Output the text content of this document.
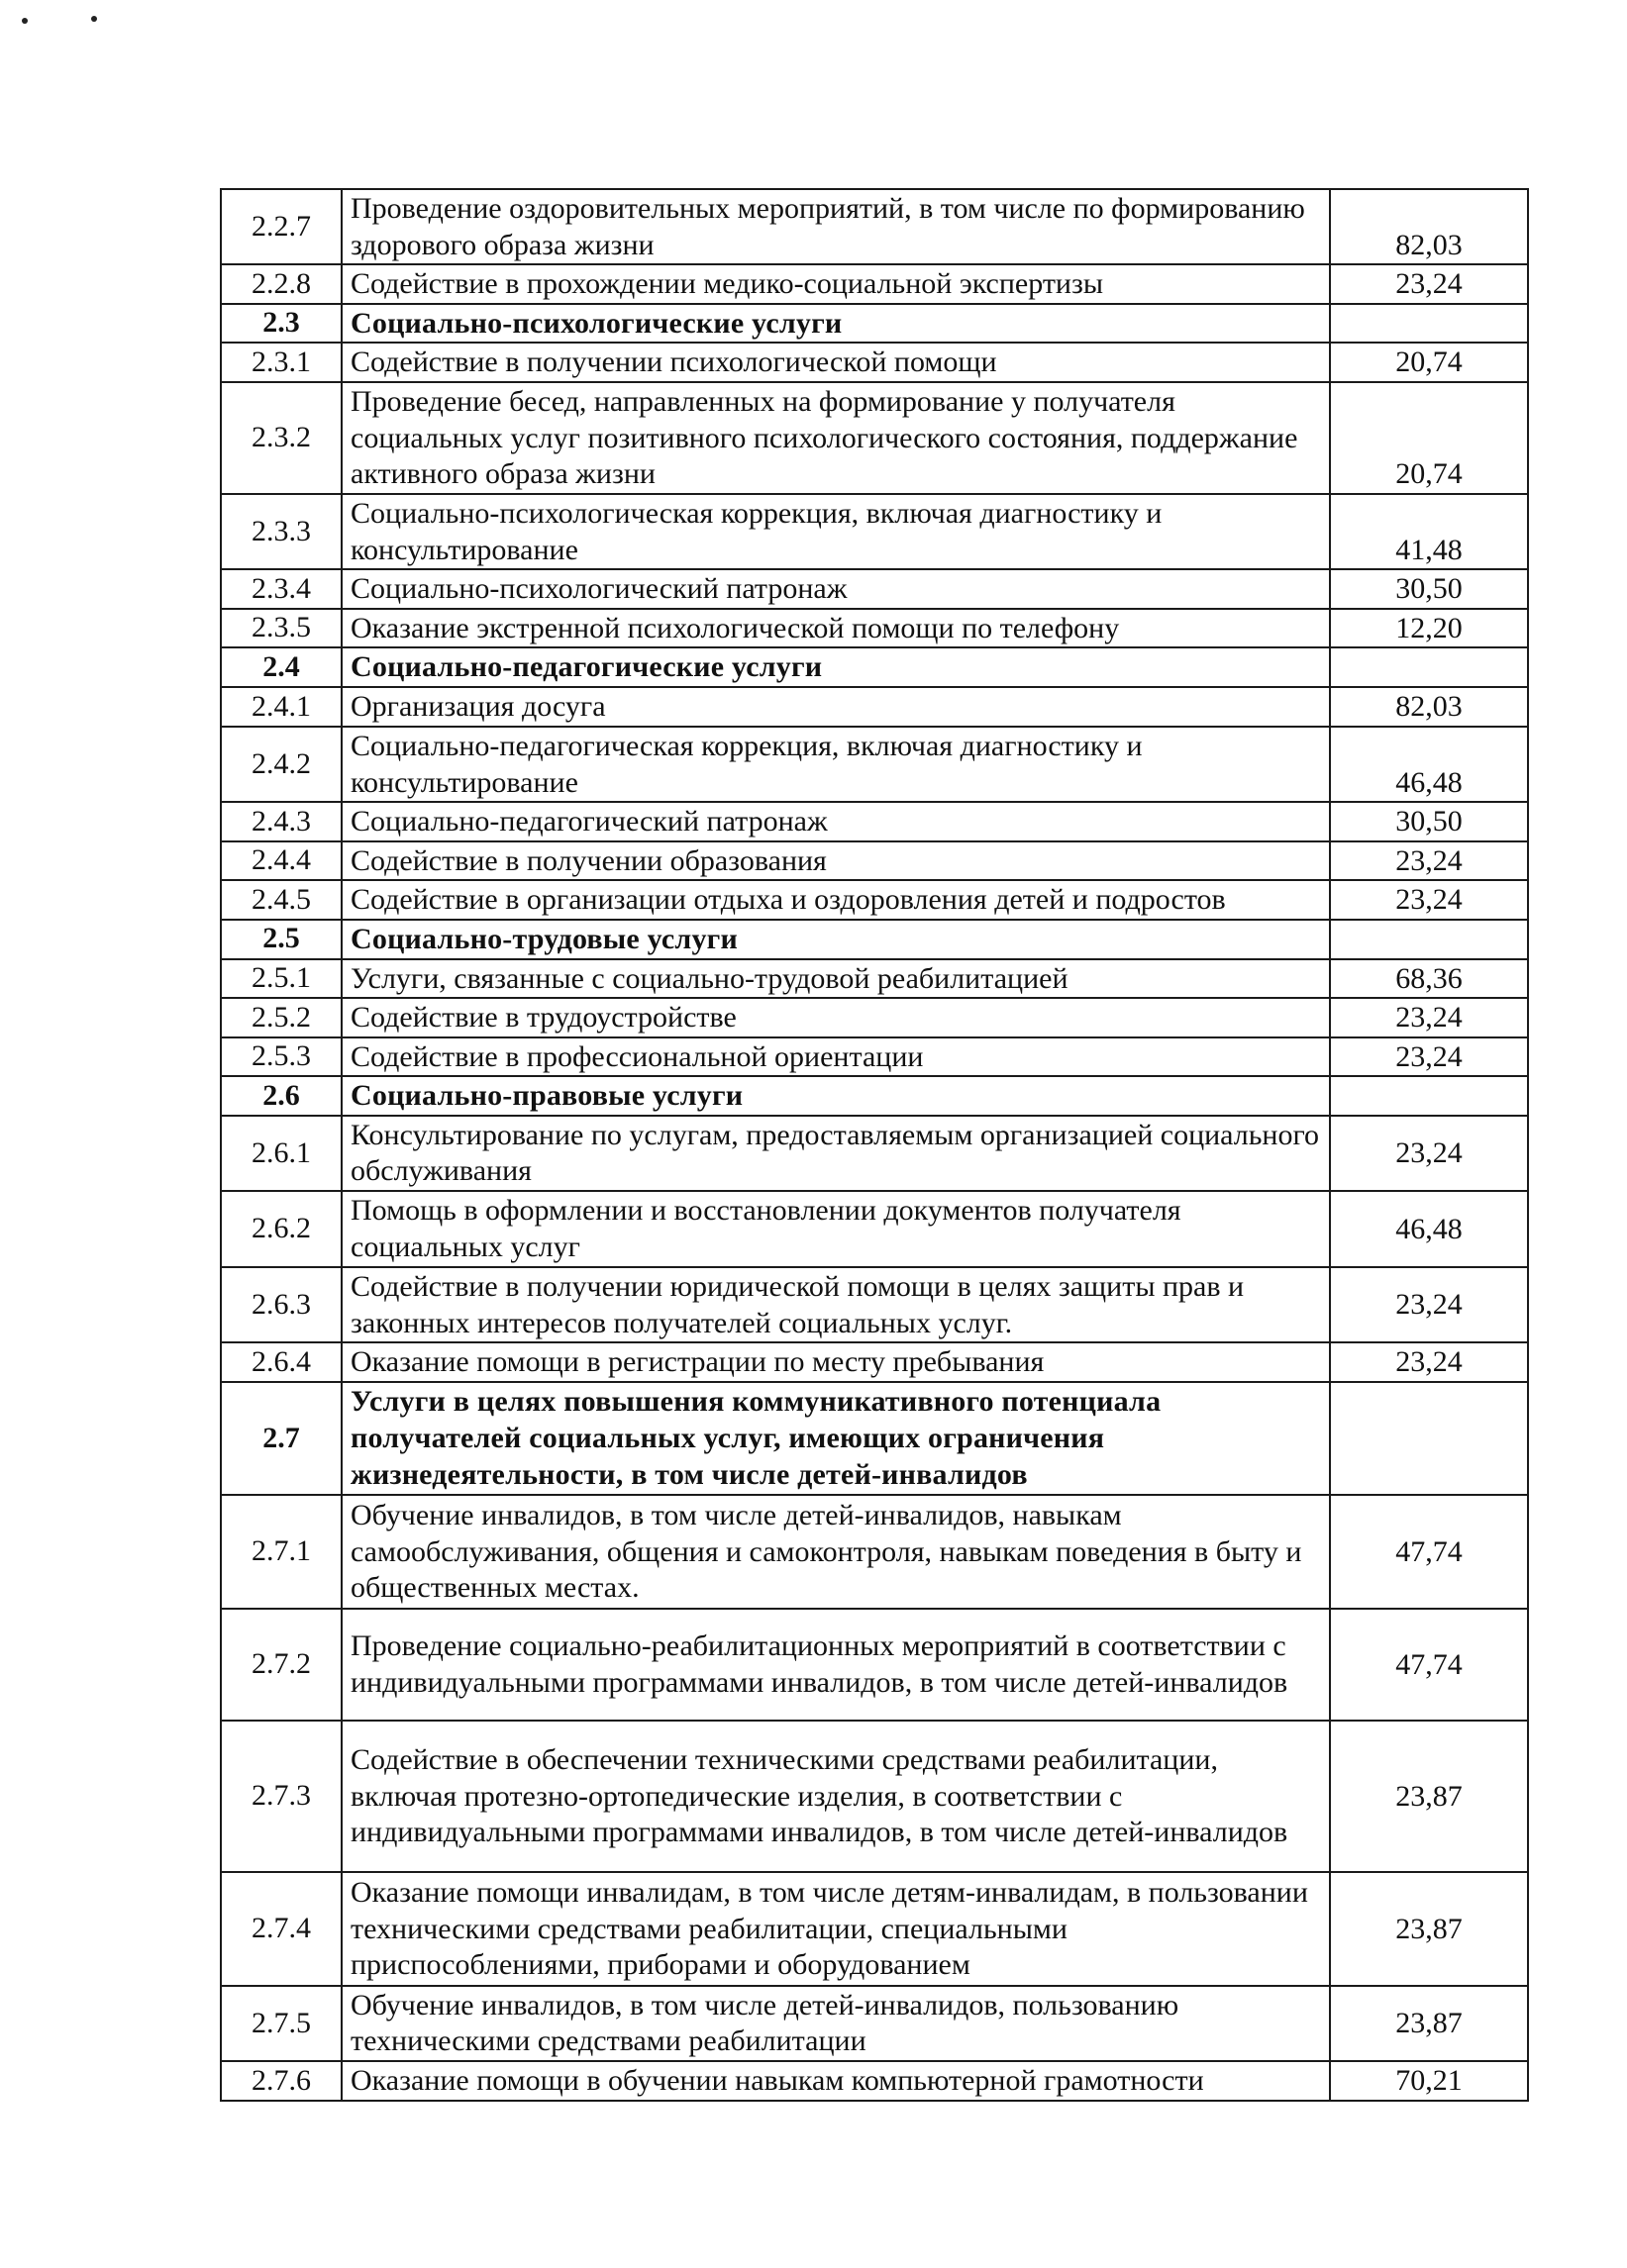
2.2.7	Проведение оздоровительных мероприятий, в том числе по формированию здорового образа жизни	82,03
2.2.8	Содействие в прохождении медико-социальной экспертизы	23,24
2.3	Социально-психологические услуги	
2.3.1	Содействие в получении психологической помощи	20,74
2.3.2	Проведение бесед, направленных на формирование у получателя социальных услуг позитивного психологического состояния, поддержание активного образа жизни	20,74
2.3.3	Социально-психологическая коррекция, включая диагностику и консультирование	41,48
2.3.4	Социально-психологический патронаж	30,50
2.3.5	Оказание экстренной психологической помощи по телефону	12,20
2.4	Социально-педагогические услуги	
2.4.1	Организация досуга	82,03
2.4.2	Социально-педагогическая коррекция, включая диагностику и консультирование	46,48
2.4.3	Социально-педагогический патронаж	30,50
2.4.4	Содействие в получении образования	23,24
2.4.5	Содействие в организации отдыха и оздоровления детей и подростов	23,24
2.5	Социально-трудовые услуги	
2.5.1	Услуги, связанные с социально-трудовой реабилитацией	68,36
2.5.2	Содействие в трудоустройстве	23,24
2.5.3	Содействие в профессиональной ориентации	23,24
2.6	Социально-правовые услуги	
2.6.1	Консультирование по услугам, предоставляемым организацией социального обслуживания	23,24
2.6.2	Помощь в оформлении и восстановлении документов получателя социальных услуг	46,48
2.6.3	Содействие в получении юридической помощи в целях защиты прав и законных интересов получателей социальных услуг.	23,24
2.6.4	Оказание помощи в регистрации по месту пребывания	23,24
2.7	Услуги в целях повышения коммуникативного потенциала получателей социальных услуг, имеющих ограничения жизнедеятельности, в том числе детей-инвалидов	
2.7.1	Обучение инвалидов, в том числе детей-инвалидов, навыкам самообслуживания, общения и самоконтроля, навыкам поведения в быту и общественных местах.	47,74
2.7.2	Проведение социально-реабилитационных мероприятий в соответствии с индивидуальными программами инвалидов, в том числе детей-инвалидов	47,74
2.7.3	Содействие в обеспечении техническими средствами реабилитации, включая протезно-ортопедические изделия, в соответствии с индивидуальными программами инвалидов, в том числе детей-инвалидов	23,87
2.7.4	Оказание помощи инвалидам, в том числе детям-инвалидам, в пользовании техническими средствами реабилитации, специальными приспособлениями, приборами и оборудованием	23,87
2.7.5	Обучение инвалидов, в том числе детей-инвалидов, пользованию техническими средствами реабилитации	23,87
2.7.6	Оказание помощи в обучении навыкам компьютерной грамотности	70,21
